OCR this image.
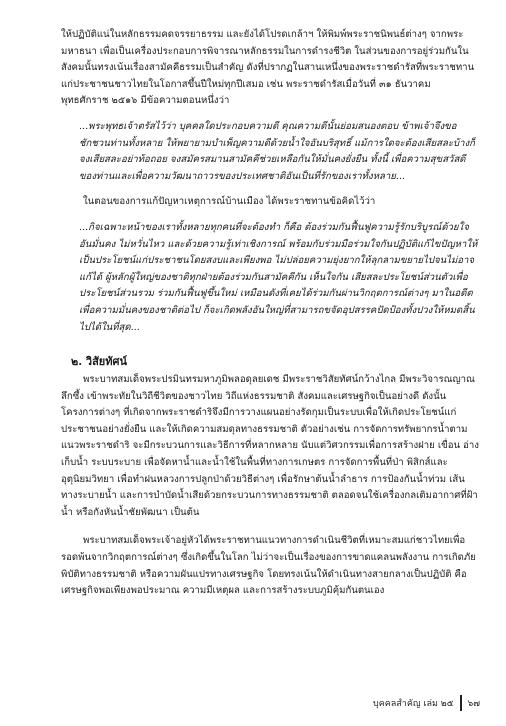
ให้ปฏิบัติแน่ในหลักธรรมคดจรรยาธรรม และยังได้โปรดเกล้าฯ ให้พิมพ์พระราชนิพนธ์ต่างๆ จากพระมหาธนา เพื่อเป็นเครื่องประกอบการพิจารณาหลักธรรมในการดำรงชีวิต ในส่วนของการอยู่ร่วมกันในสังคมนั้นทรงเน้นเรื่องสามัคคีธรรมเป็นสำคัญ ดังที่ปรากฏในสานเหนึ่งของพระราชดำรัสที่พระราชทานแก่ประชาชนชาวไทยในโอกาสขึ้นปีใหม่ทุกปีเสมอ เช่น พระราชดำรัสเมื่อวันที่ ๓๑ ธันวาคม พุทธศักราช ๒๕๑๖ มีข้อความตอนหนึ่งว่า

...พระพุทธเจ้าตรัสไว้ว่า บุคคลใดประกอบความดี คุณความดีนั้นย่อมสนองตอบ ข้าพเจ้าจึงขอชักชวนท่านทั้งหลาย ให้พยายามบำเพ็ญความดีด้วยน้ำใจอันบริสุทธิ์ แม้การใดจะต้องเสียสละบ้างก็จงเสียสละอย่าท้อถอย จงสมัครสมานสามัคคีช่วยเหลือกันให้มั่นคงยั่งยืน ทั้งนี้ เพื่อความสุขสวัสดีของท่านและเพื่อความวัฒนาถาวรของประเทศชาติอันเป็นที่รักของเราทั้งหลาย...

ในตอนของการแก้ปัญหาเหตุการณ์บ้านเมือง ได้พระราชทานข้อคิดไว้ว่า

...กิจเฉพาะหน้าของเราทั้งหลายทุกคนที่จะต้องทำ ก็คือ ต้องร่วมกันฟื้นฟูความรู้รักบริบูรณ์ด้วยใจอันมั่นคง ไม่หวั่นไหว และด้วยความรู้เท่าเชิงการณ์ พร้อมกับร่วมมือร่วมใจกันปฏิบัติแก้ไขปัญหาให้เป็นประโยชน์แก่ประชาชนโดยสงบและเพียงพอ ไม่ปล่อยความยุ่งยากให้ลุกลามขยายไปจนไม่อาจแก้ได้ ผู้หลักผู้ใหญ่ของชาติทุกฝ่ายต้องร่วมกันสามัคคีกัน เห็นใจกัน เสียสละประโยชน์ส่วนตัวเพื่อประโยชน์ส่วนรวม ร่วมกันฟื้นฟูขึ้นใหม่ เหมือนดังที่เคยได้ร่วมกันผ่านวิกฤตการณ์ต่างๆ มาในอดีต เพื่อความมั่นคงของชาติต่อไป ก็จะเกิดพลังอันใหญ่ที่สามารถขจัดอุปสรรคปัดป้องทั้งปวงให้หมดสิ้นไปได้ในที่สุด...

๒. วิสัยทัศน์

พระบาทสมเด็จพระปรมินทรมหาภูมิพลอดุลยเดช มีพระราชวิสัยทัศน์กว้างไกล มีพระวิจารณญาณลึกซึ้ง เข้าพระทัยในวิถีชีวิตของชาวไทย วิถีแห่งธรรมชาติ สังคมและเศรษฐกิจเป็นอย่างดี ดังนั้น โครงการต่างๆ ที่เกิดจากพระราชดำริจึงมีการวางแผนอย่างรัดกุมเป็นระบบเพื่อให้เกิดประโยชน์แก่ประชาชนอย่างยั่งยืน และให้เกิดความสมดุลทางธรรมชาติ ตัวอย่างเช่น การจัดการทรัพยากรน้ำตามแนวพระราชดำริ จะมีกระบวนการและวิธีการที่หลากหลาย นับแต่วิศวกรรมเพื่อการสร้างฝาย เขื่อน อ่างเก็บน้ำ ระบบระบาย เพื่อจัดหาน้ำและน้ำใช้ในพื้นที่ทางการเกษตร การจัดการพื้นที่ป่า พิสิกส์และอุตุนิยมวิทยา เพื่อทำฝนหลวงการปลูกป่าด้วยวิธีต่างๆ เพื่อรักษาต้นน้ำลำธาร การป้องกันน้ำท่วม เส้นทางระบายน้ำ และการบำบัดน้ำเสียด้วยกระบวนการทางธรรมชาติ ตลอดจนใช้เครื่องกลเติมอากาศที่ฝ้าน้ำ หรือกังหันน้ำชัยพัฒนา เป็นต้น

พระบาทสมเด็จพระเจ้าอยู่หัวได้พระราชทานแนวทางการดำเนินชีวิตที่เหมาะสมแก่ชาวไทยเพื่อรอดพ้นจากวิกฤตการณ์ต่างๆ ซึ่งเกิดขึ้นในโลก ไม่ว่าจะเป็นเรื่องของการขาดแคลนพลังงาน การเกิดภัยพิบัติทางธรรมชาติ หรือความผันแปรทางเศรษฐกิจ โดยทรงเน้นให้ดำเนินทางสายกลางเป็นปฏิบัติ คือเศรษฐกิจพอเพียงพอประมาณ ความมีเหตุผล และการสร้างระบบภูมิคุ้มกันตนเอง

บุคคลสำคัญ เล่ม ๒๕ ๖๗
